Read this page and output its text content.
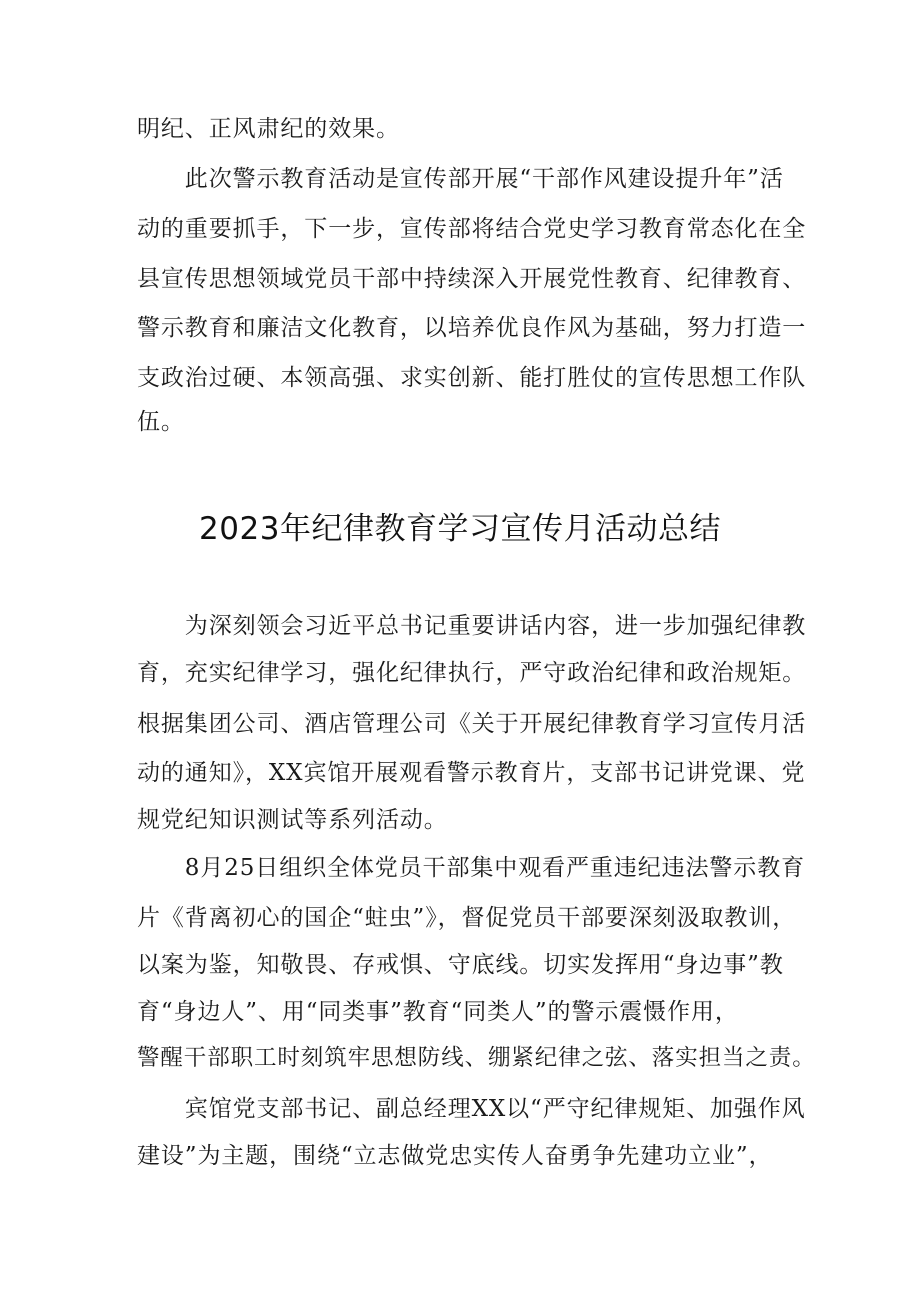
明纪、正风肃纪的效果。
　　此次警示教育活动是宣传部开展“干部作风建设提升年”活
动的重要抓手，下一步，宣传部将结合党史学习教育常态化在全
县宣传思想领域党员干部中持续深入开展党性教育、纪律教育、
警示教育和廉洁文化教育，以培养优良作风为基础，努力打造一
支政治过硬、本领高强、求实创新、能打胜仗的宣传思想工作队
伍。
2023年纪律教育学习宣传月活动总结
　　为深刻领会习近平总书记重要讲话内容，进一步加强纪律教
育，充实纪律学习，强化纪律执行，严守政治纪律和政治规矩。
根据集团公司、酒店管理公司《关于开展纪律教育学习宣传月活
动的通知》，XX宾馆开展观看警示教育片，支部书记讲党课、党
规党纪知识测试等系列活动。
　　8月25日组织全体党员干部集中观看严重违纪违法警示教育
片《背离初心的国企“蛀虫”》，督促党员干部要深刻汲取教训，
以案为鉴，知敬畏、存戒惧、守底线。切实发挥用“身边事”教
育“身边人”、用“同类事”教育“同类人”的警示震慑作用，
警醒干部职工时刻筑牢思想防线、绷紧纪律之弦、落实担当之责。
　　宾馆党支部书记、副总经理XX以“严守纪律规矩、加强作风
建设”为主题，围绕“立志做党忠实传人奋勇争先建功立业”，
